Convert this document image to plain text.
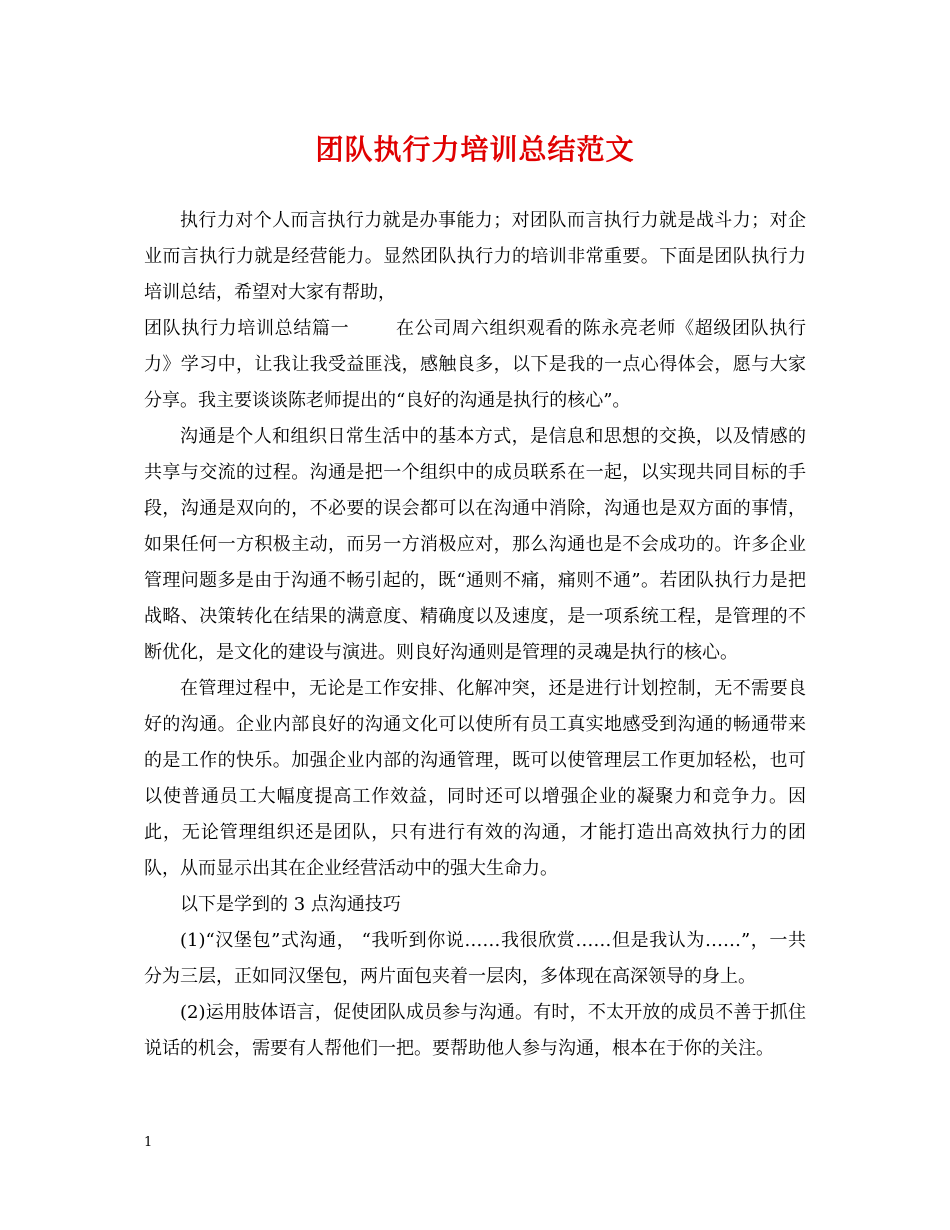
团队执行力培训总结范文

执行力对个人而言执行力就是办事能力；对团队而言执行力就是战斗力；对企业而言执行力就是经营能力。显然团队执行力的培训非常重要。下面是团队执行力培训总结，希望对大家有帮助，

团队执行力培训总结篇一	在公司周六组织观看的陈永亮老师《超级团队执行力》学习中，让我让我受益匪浅，感触良多，以下是我的一点心得体会，愿与大家分享。我主要谈谈陈老师提出的“良好的沟通是执行的核心”。

沟通是个人和组织日常生活中的基本方式，是信息和思想的交换，以及情感的共享与交流的过程。沟通是把一个组织中的成员联系在一起，以实现共同目标的手段，沟通是双向的，不必要的误会都可以在沟通中消除，沟通也是双方面的事情，如果任何一方积极主动，而另一方消极应对，那么沟通也是不会成功的。许多企业管理问题多是由于沟通不畅引起的，既“通则不痛，痛则不通”。若团队执行力是把战略、决策转化在结果的满意度、精确度以及速度，是一项系统工程，是管理的不断优化，是文化的建设与演进。则良好沟通则是管理的灵魂是执行的核心。

在管理过程中，无论是工作安排、化解冲突，还是进行计划控制，无不需要良好的沟通。企业内部良好的沟通文化可以使所有员工真实地感受到沟通的畅通带来的是工作的快乐。加强企业内部的沟通管理，既可以使管理层工作更加轻松，也可以使普通员工大幅度提高工作效益，同时还可以增强企业的凝聚力和竞争力。因此，无论管理组织还是团队，只有进行有效的沟通，才能打造出高效执行力的团队，从而显示出其在企业经营活动中的强大生命力。

以下是学到的 3 点沟通技巧

(1)“汉堡包”式沟通， “我听到你说……我很欣赏……但是我认为……”，一共分为三层，正如同汉堡包，两片面包夹着一层肉，多体现在高深领导的身上。

(2)运用肢体语言，促使团队成员参与沟通。有时，不太开放的成员不善于抓住说话的机会，需要有人帮他们一把。要帮助他人参与沟通，根本在于你的关注。

1
